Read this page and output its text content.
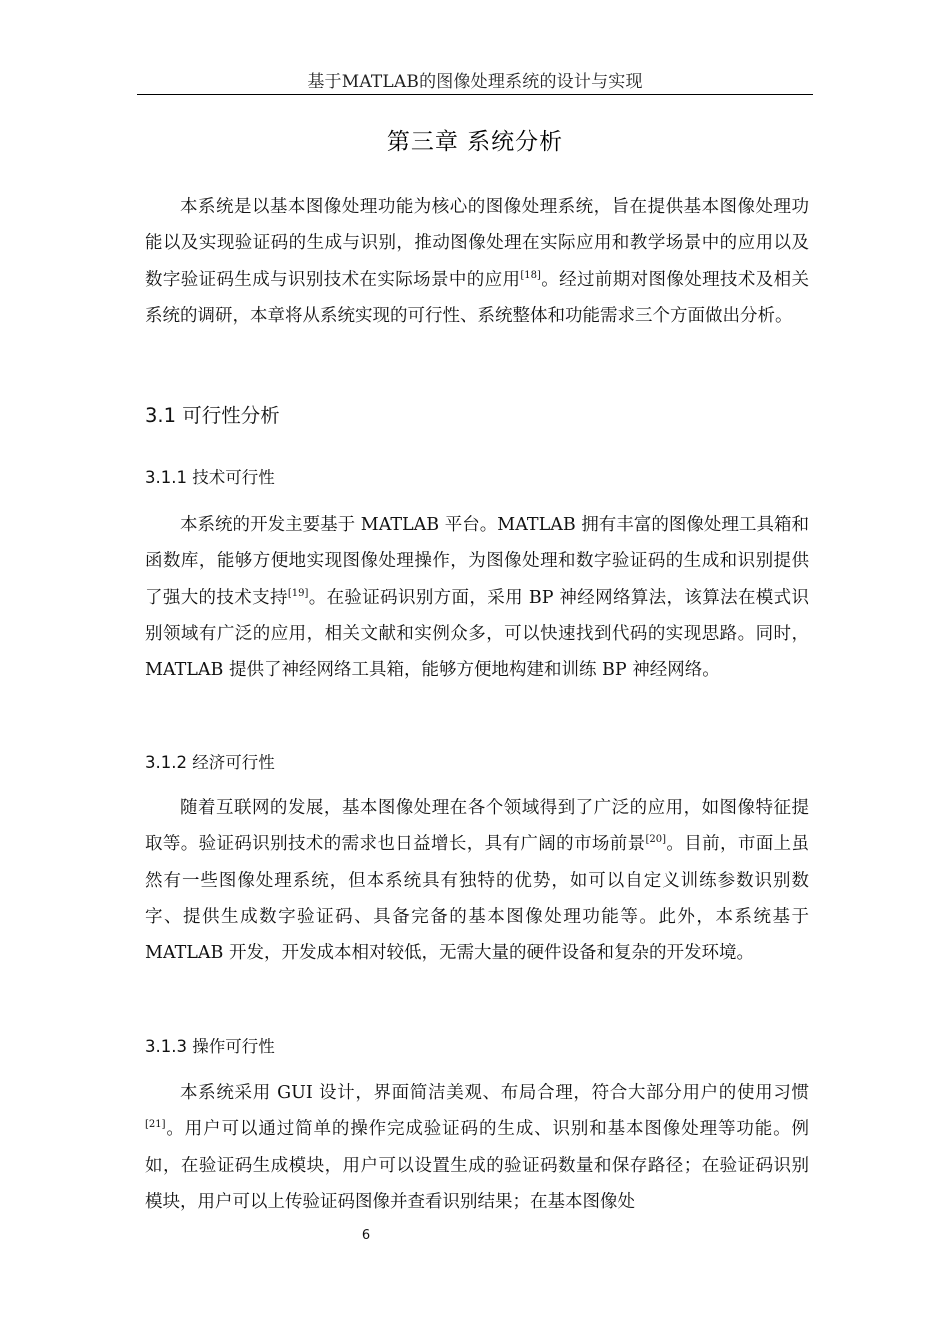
基于MATLAB的图像处理系统的设计与实现
第三章 系统分析

本系统是以基本图像处理功能为核心的图像处理系统，旨在提供基本图像处理功能以及实现验证码的生成与识别，推动图像处理在实际应用和教学场景中的应用以及数字验证码生成与识别技术在实际场景中的应用[18]。经过前期对图像处理技术及相关系统的调研，本章将从系统实现的可行性、系统整体和功能需求三个方面做出分析。

3.1 可行性分析
3.1.1 技术可行性

本系统的开发主要基于 MATLAB 平台。MATLAB 拥有丰富的图像处理工具箱和函数库，能够方便地实现图像处理操作，为图像处理和数字验证码的生成和识别提供了强大的技术支持[19]。在验证码识别方面，采用 BP 神经网络算法，该算法在模式识别领域有广泛的应用，相关文献和实例众多，可以快速找到代码的实现思路。同时，MATLAB 提供了神经网络工具箱，能够方便地构建和训练 BP 神经网络。

3.1.2 经济可行性

随着互联网的发展，基本图像处理在各个领域得到了广泛的应用，如图像特征提取等。验证码识别技术的需求也日益增长，具有广阔的市场前景[20]。目前，市面上虽然有一些图像处理系统，但本系统具有独特的优势，如可以自定义训练参数识别数字、提供生成数字验证码、具备完备的基本图像处理功能等。此外，本系统基于 MATLAB 开发，开发成本相对较低，无需大量的硬件设备和复杂的开发环境。

3.1.3 操作可行性

本系统采用 GUI 设计，界面简洁美观、布局合理，符合大部分用户的使用习惯[21]。用户可以通过简单的操作完成验证码的生成、识别和基本图像处理等功能。例如，在验证码生成模块，用户可以设置生成的验证码数量和保存路径；在验证码识别模块，用户可以上传验证码图像并查看识别结果；在基本图像处

6
